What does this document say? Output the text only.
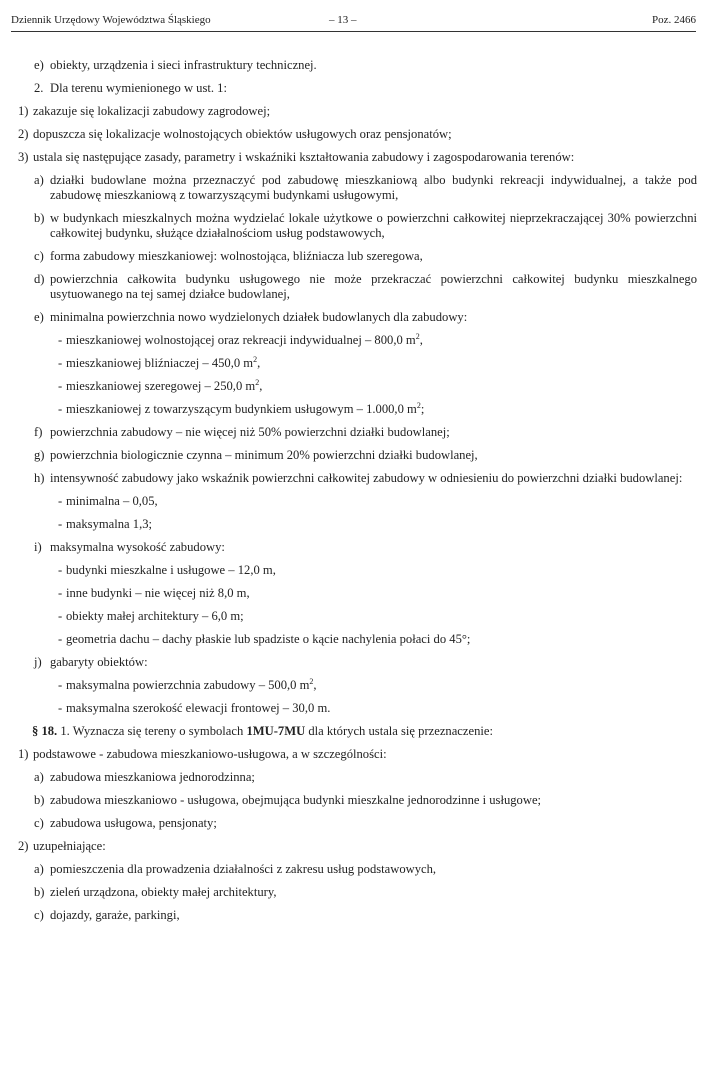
Dziennik Urzędowy Województwa Śląskiego	– 13 –	Poz. 2466
e) obiekty, urządzenia i sieci infrastruktury technicznej.
2. Dla terenu wymienionego w ust. 1:
1) zakazuje się lokalizacji zabudowy zagrodowej;
2) dopuszcza się lokalizacje wolnostojących obiektów usługowych oraz pensjonatów;
3) ustala się następujące zasady, parametry i wskaźniki kształtowania zabudowy i zagospodarowania terenów:
a) działki budowlane można przeznaczyć pod zabudowę mieszkaniową albo budynki rekreacji indywidualnej, a także pod zabudowę mieszkaniową z towarzyszącymi budynkami usługowymi,
b) w budynkach mieszkalnych można wydzielać lokale użytkowe o powierzchni całkowitej nieprzekraczającej 30% powierzchni całkowitej budynku, służące działalnościom usług podstawowych,
c) forma zabudowy mieszkaniowej: wolnostojąca, bliźniacza lub szeregowa,
d) powierzchnia całkowita budynku usługowego nie może przekraczać powierzchni całkowitej budynku mieszkalnego usytuowanego na tej samej działce budowlanej,
e) minimalna powierzchnia nowo wydzielonych działek budowlanych dla zabudowy:
- mieszkaniowej wolnostojącej oraz rekreacji indywidualnej – 800,0 $m^2$,
- mieszkaniowej bliźniaczej – 450,0 $m^2$,
- mieszkaniowej szeregowej – 250,0 $m^2$,
- mieszkaniowej z towarzyszącym budynkiem usługowym – 1.000,0 $m^2$;
f) powierzchnia zabudowy – nie więcej niż 50% powierzchni działki budowlanej;
g) powierzchnia biologicznie czynna – minimum 20% powierzchni działki budowlanej,
h) intensywność zabudowy jako wskaźnik powierzchni całkowitej zabudowy w odniesieniu do powierzchni działki budowlanej:
- minimalna – 0,05,
- maksymalna 1,3;
i) maksymalna wysokość zabudowy:
- budynki mieszkalne i usługowe – 12,0 m,
- inne budynki – nie więcej niż 8,0 m,
- obiekty małej architektury – 6,0 m;
- geometria dachu – dachy płaskie lub spadziste o kącie nachylenia połaci do 45°;
j) gabaryty obiektów:
- maksymalna powierzchnia zabudowy – 500,0 $m^2$,
- maksymalna szerokość elewacji frontowej – 30,0 m.
§ 18. 1. Wyznacza się tereny o symbolach 1MU-7MU dla których ustala się przeznaczenie:
1) podstawowe - zabudowa mieszkaniowo-usługowa, a w szczególności:
a) zabudowa mieszkaniowa jednorodzinna;
b) zabudowa mieszkaniowo - usługowa, obejmująca budynki mieszkalne jednorodzinne i usługowe;
c) zabudowa usługowa, pensjonaty;
2) uzupełniające:
a) pomieszczenia dla prowadzenia działalności z zakresu usług podstawowych,
b) zieleń urządzona, obiekty małej architektury,
c) dojazdy, garaże, parkingi,
